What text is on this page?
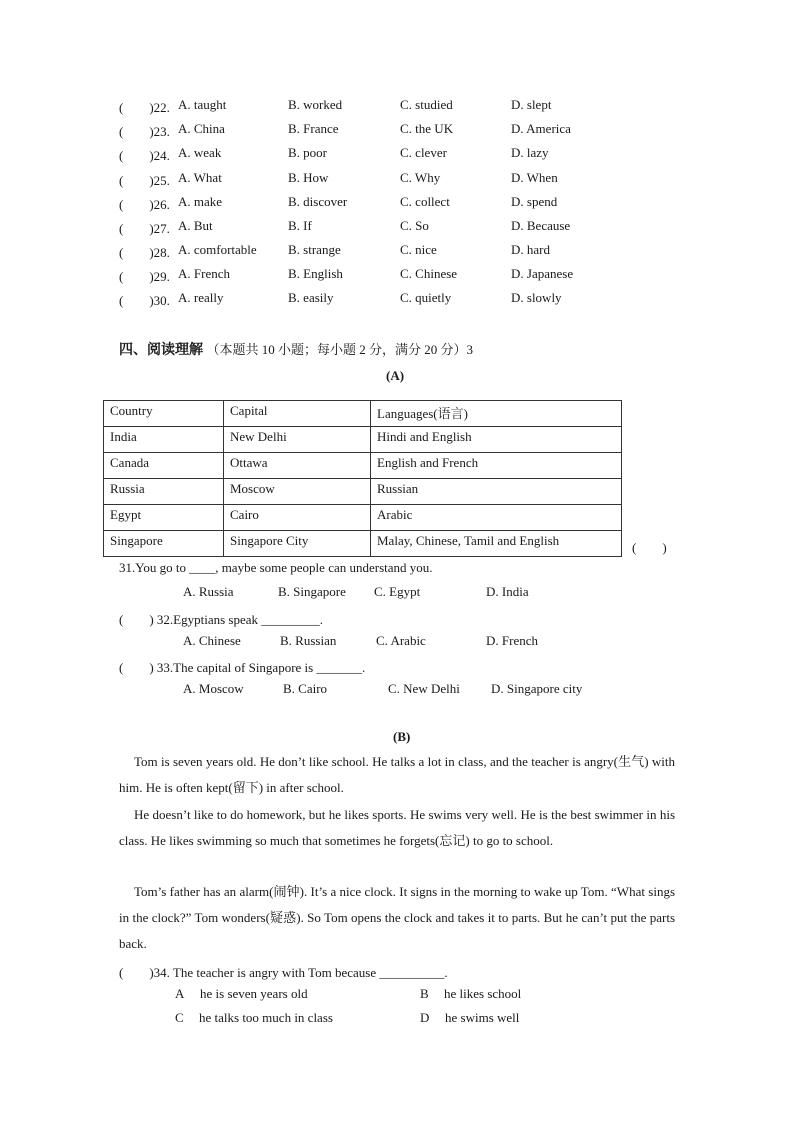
(　　)22. A. taught	B. worked	C. studied	D. slept
(　　)23. A. China	B. France	C. the UK	D. America
(　　)24. A. weak	B. poor	C. clever	D. lazy
(　　)25. A. What	B. How	C. Why	D. When
(　　)26. A. make	B. discover	C. collect	D. spend
(　　)27. A. But	B. If	C. So	D. Because
(　　)28. A. comfortable B. strange	C. nice	D. hard
(　　)29. A. French	B. English	C. Chinese	D. Japanese
(　　)30. A. really	B. easily	C. quietly	D. slowly
四、阅读理解 （本题共 10 小题；每小题 2 分，满分 20 分）3
(A)
Country	Capital	Languages(语言)
India	New Delhi	Hindi and English
Canada	Ottawa	English and French
Russia	Moscow	Russian
Egypt	Cairo	Arabic
Singapore	Singapore City	Malay, Chinese, Tamil and English	(　　)
31.You go to ____, maybe some people can understand you.
A. Russia	B. Singapore C. Egypt	D. India
(　　) 32.Egyptians speak _________.
A. Chinese	B. Russian	C. Arabic	D. French
(　　) 33.The capital of Singapore is _______.
A. Moscow	B. Cairo	C. New Delhi D. Singapore city
(B)
Tom is seven years old. He don’t like school. He talks a lot in class, and the teacher is angry(生气) with him. He is often kept(留下) in after school.
He doesn’t like to do homework, but he likes sports. He swims very well. He is the best swimmer in his class. He likes swimming so much that sometimes he forgets(忘记) to go to school.
Tom’s father has an alarm(闹钟). It’s a nice clock. It signs in the morning to wake up Tom. “What sings in the clock?” Tom wonders(疑惑). So Tom opens the clock and takes it to parts. But he can’t put the parts back.
(　　)34. The teacher is angry with Tom because __________.
A he is seven years old	B he likes school
C he talks too much in class	D he swims well
